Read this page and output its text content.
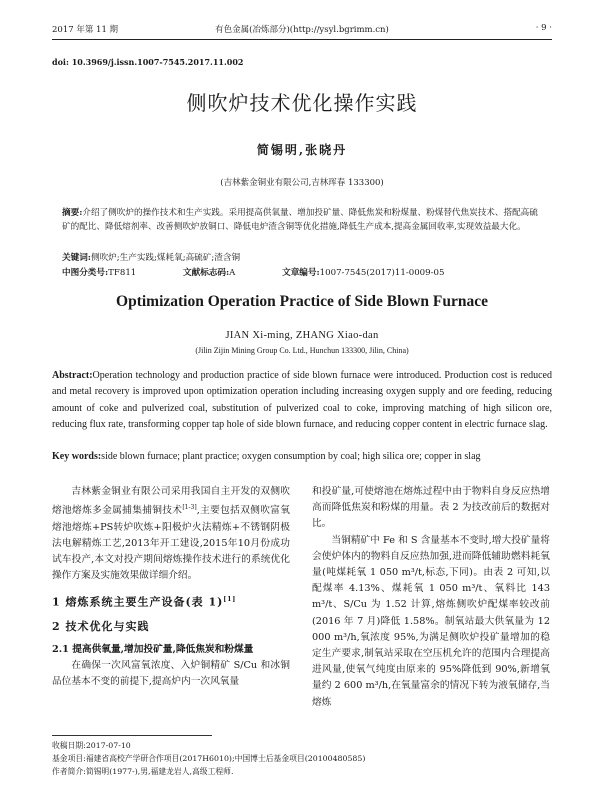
2017 年第 11 期	有色金属(冶炼部分)(http://ysyl.bgrimm.cn)	· 9 ·
doi: 10.3969/j.issn.1007-7545.2017.11.002
侧吹炉技术优化操作实践
简锡明,张晓丹
(吉林紫金铜业有限公司,吉林珲春 133300)
摘要:介绍了侧吹炉的操作技术和生产实践。采用提高供氧量、增加投矿量、降低焦炭和粉煤量、粉煤替代焦炭技术、搭配高硫矿的配比、降低熔剂率、改善侧吹炉放铜口、降低电炉渣含铜等优化措施,降低生产成本,提高金属回收率,实现效益最大化。
关键词:侧吹炉;生产实践;煤耗氧;高硫矿;渣含铜
中图分类号:TF811	文献标志码:A	文章编号:1007-7545(2017)11-0009-05
Optimization Operation Practice of Side Blown Furnace
JIAN Xi-ming, ZHANG Xiao-dan
(Jilin Zijin Mining Group Co. Ltd., Hunchun 133300, Jilin, China)
Abstract:Operation technology and production practice of side blown furnace were introduced. Production cost is reduced and metal recovery is improved upon optimization operation including increasing oxygen supply and ore feeding, reducing amount of coke and pulverized coal, substitution of pulverized coal to coke, improving matching of high silicon ore, reducing flux rate, transforming copper tap hole of side blown furnace, and reducing copper content in electric furnace slag.
Key words:side blown furnace; plant practice; oxygen consumption by coal; high silica ore; copper in slag

吉林紫金铜业有限公司采用我国自主开发的双侧吹熔池熔炼多金属捕集捕铜技术[1-3],主要包括双侧吹富氧熔池熔炼+PS转炉吹炼+阳极炉火法精炼+不锈钢阴极法电解精炼工艺,2013年开工建设,2015年10月份成功试车投产,本文对投产期间熔炼操作技术进行的系统优化操作方案及实施效果做详细介绍。

1 熔炼系统主要生产设备(表 1)[1]

2 技术优化与实践

2.1 提高供氧量,增加投矿量,降低焦炭和粉煤量

在确保一次风富氧浓度、入炉铜精矿 S/Cu 和冰铜品位基本不变的前提下,提高炉内一次风氧量

和投矿量,可使熔池在熔炼过程中由于物料自身反应热增高而降低焦炭和粉煤的用量。表 2 为技改前后的数据对比。

当铜精矿中 Fe 和 S 含量基本不变时,增大投矿量将会使炉体内的物料自反应热加强,进而降低辅助燃料耗氧量(吨煤耗氧 1 050 m³/t,标态,下同)。由表 2 可知,以配煤率 4.13%、煤耗氧 1 050 m³/t、氧料比 143 m³/t、S/Cu 为 1.52 计算,熔炼侧吹炉配煤率较改前(2016 年 7 月)降低 1.58%。制氧站最大供氧量为 12 000 m³/h,氧浓度 95%,为满足侧吹炉投矿量增加的稳定生产要求,制氧站采取在空压机允许的范围内合理提高进风量,使氧气纯度由原来的 95%降低到 90%,新增氧量约 2 600 m³/h,在氧量富余的情况下转为液氧储存,当熔炼

收稿日期:2017-07-10
基金项目:福建省高校产学研合作项目(2017H6010);中国博士后基金项目(20100480585)
作者简介:简锡明(1977-),男,福建龙岩人,高级工程师.
